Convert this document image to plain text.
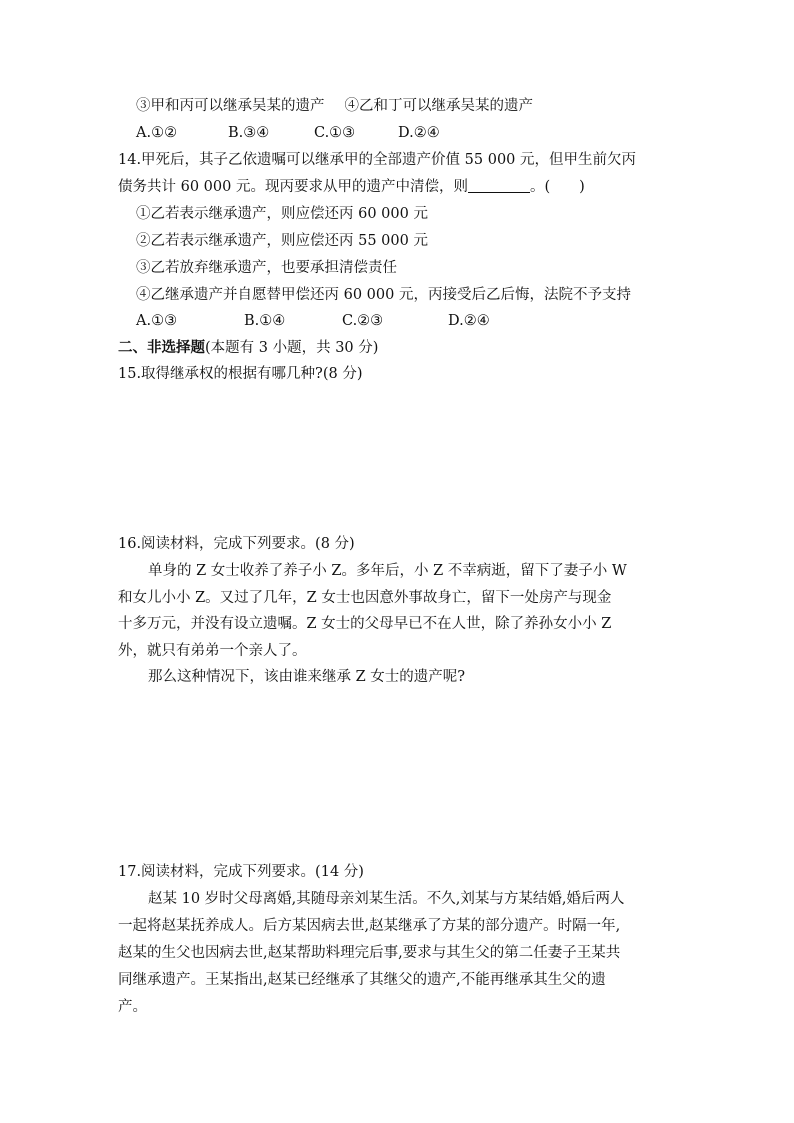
③甲和丙可以继承吴某的遗产 ④乙和丁可以继承吴某的遗产
A.①②	B.③④	C.①③	D.②④
14.甲死后，其子乙依遗嘱可以继承甲的全部遗产价值 55 000 元，但甲生前欠丙
债务共计 60 000 元。现丙要求从甲的遗产中清偿，则	。(　　)
①乙若表示继承遗产，则应偿还丙 60 000 元
②乙若表示继承遗产，则应偿还丙 55 000 元
③乙若放弃继承遗产，也要承担清偿责任
④乙继承遗产并自愿替甲偿还丙 60 000 元，丙接受后乙后悔，法院不予支持
A.①③	B.①④	C.②③	D.②④
二、非选择题(本题有 3 小题，共 30 分)
15.取得继承权的根据有哪几种?(8 分)
16.阅读材料，完成下列要求。(8 分)
单身的 Z 女士收养了养子小 Z。多年后，小 Z 不幸病逝，留下了妻子小 W
和女儿小小 Z。又过了几年，Z 女士也因意外事故身亡，留下一处房产与现金
十多万元，并没有设立遗嘱。Z 女士的父母早已不在人世，除了养孙女小小 Z
外，就只有弟弟一个亲人了。
那么这种情况下，该由谁来继承 Z 女士的遗产呢?
17.阅读材料，完成下列要求。(14 分)
赵某 10 岁时父母离婚,其随母亲刘某生活。不久,刘某与方某结婚,婚后两人
一起将赵某抚养成人。后方某因病去世,赵某继承了方某的部分遗产。时隔一年,
赵某的生父也因病去世,赵某帮助料理完后事,要求与其生父的第二任妻子王某共
同继承遗产。王某指出,赵某已经继承了其继父的遗产,不能再继承其生父的遗
产。
